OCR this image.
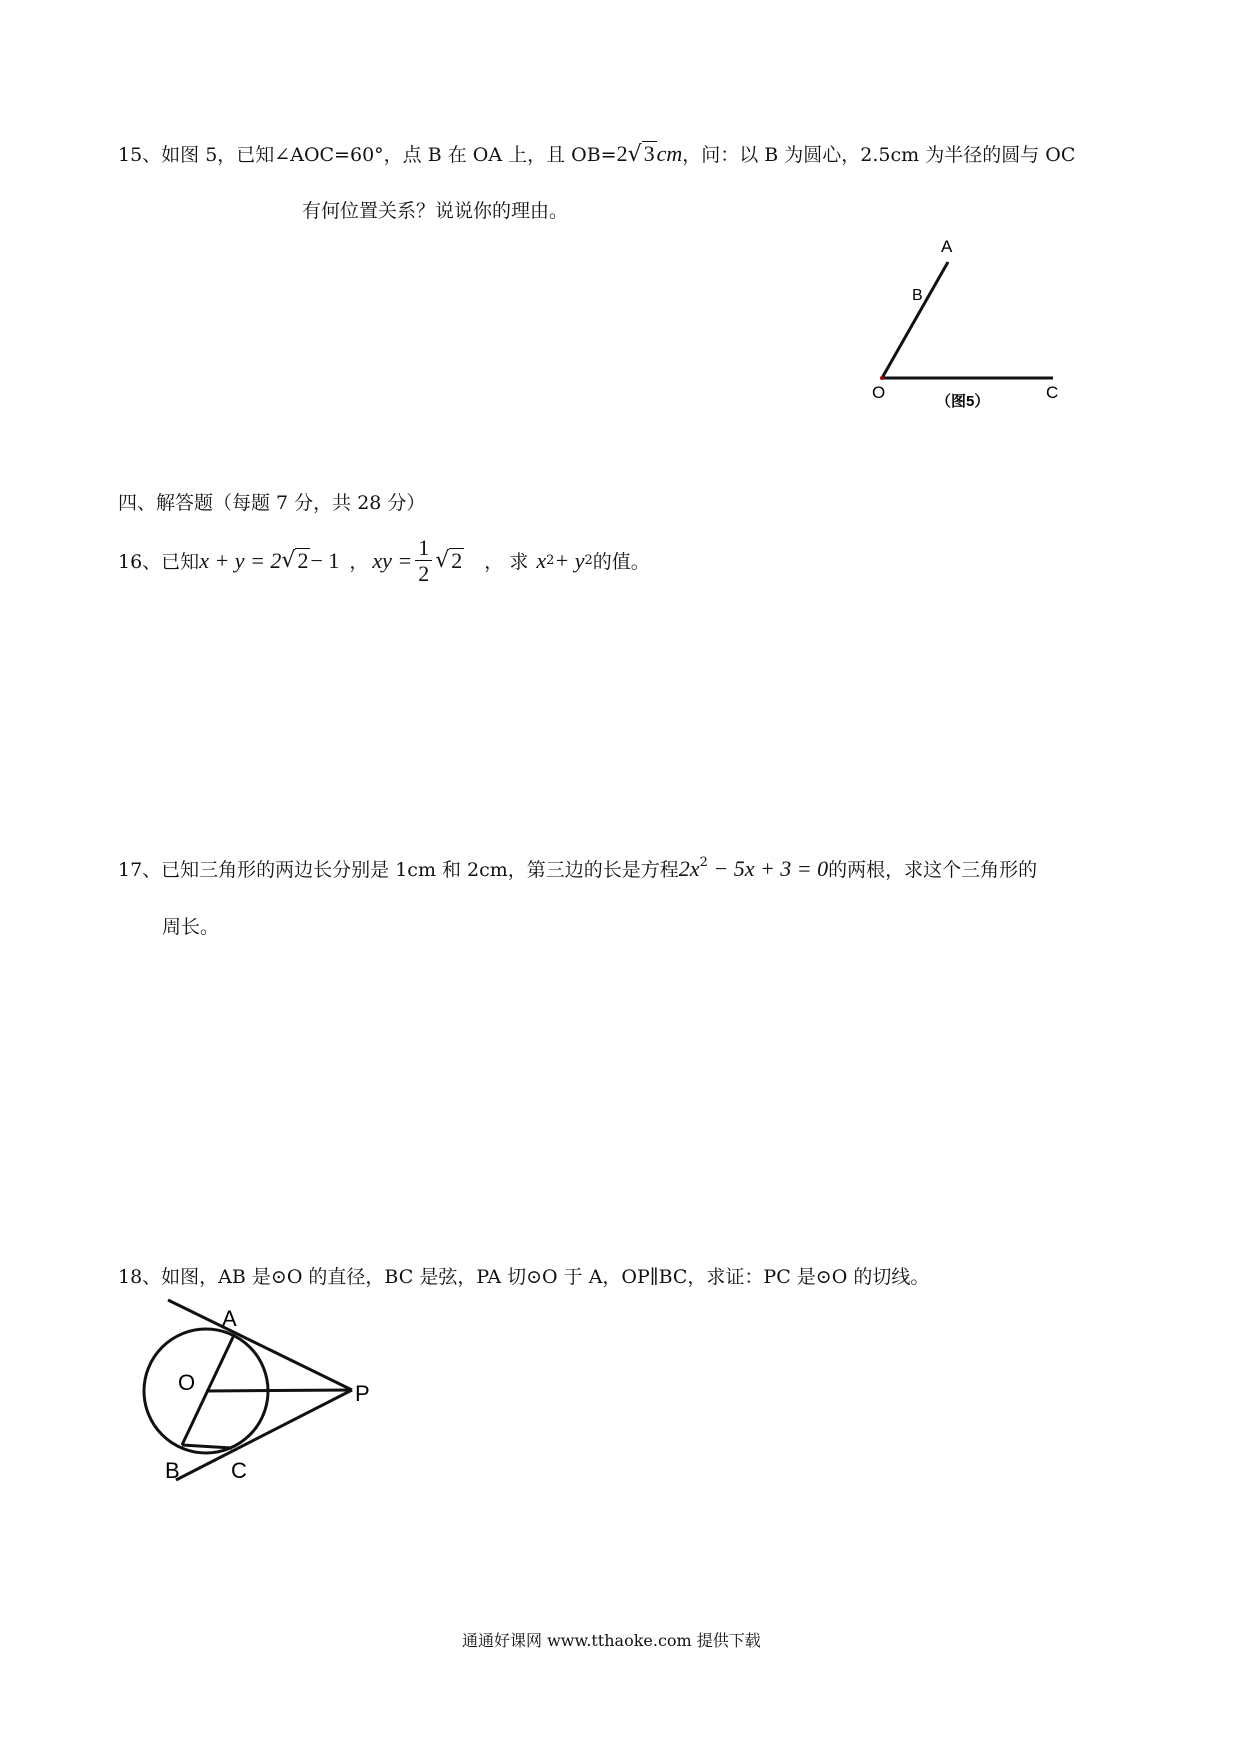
15、如图 5，已知∠AOC=60°，点 B 在 OA 上，且 OB=2√3cm，问：以 B 为圆心，2.5cm 为半径的圆与 OC
有何位置关系？说说你的理由。
A
B
O	C
（图5）
四、解答题（每题 7 分，共 28 分）
16、已知 x + y = 2 √ 2 − 1 ， xy = $\frac{1}{2}$ √ 2 ， 求 x 2 + y 2 的值。
17、已知三角形的两边长分别是 1cm 和 2cm，第三边的长是方程$2x^2 - 5x + 3 = 0$的两根，求这个三角形的
周长。
18、如图，AB 是⊙O 的直径，BC 是弦，PA 切⊙O 于 A，OP∥BC，求证：PC 是⊙O 的切线。
A
O	P
B C
通通好课网 www.tthaoke.com 提供下载
